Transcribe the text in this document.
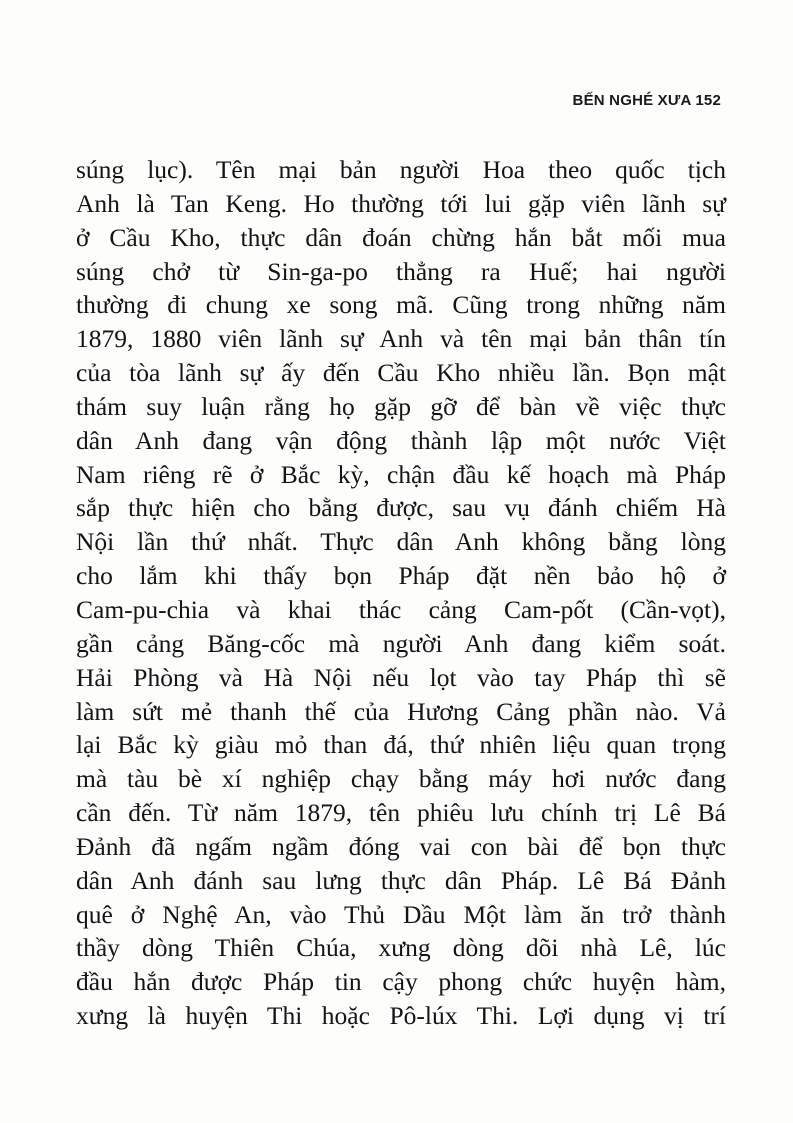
BẾN NGHÉ XƯA 152
súng lục). Tên mại bản người Hoa theo quốc tịch
Anh là Tan Keng. Ho thường tới lui gặp viên lãnh sự
ở Cầu Kho, thực dân đoán chừng hắn bắt mối mua
súng chở từ Sin-ga-po thẳng ra Huế; hai người
thường đi chung xe song mã. Cũng trong những năm
1879, 1880 viên lãnh sự Anh và tên mại bản thân tín
của tòa lãnh sự ấy đến Cầu Kho nhiều lần. Bọn mật
thám suy luận rằng họ gặp gỡ để bàn về việc thực
dân Anh đang vận động thành lập một nước Việt
Nam riêng rẽ ở Bắc kỳ, chận đầu kế hoạch mà Pháp
sắp thực hiện cho bằng được, sau vụ đánh chiếm Hà
Nội lần thứ nhất. Thực dân Anh không bằng lòng
cho lắm khi thấy bọn Pháp đặt nền bảo hộ ở
Cam-pu-chia và khai thác cảng Cam-pốt (Cần-vọt),
gần cảng Băng-cốc mà người Anh đang kiểm soát.
Hải Phòng và Hà Nội nếu lọt vào tay Pháp thì sẽ
làm sứt mẻ thanh thế của Hương Cảng phần nào. Vả
lại Bắc kỳ giàu mỏ than đá, thứ nhiên liệu quan trọng
mà tàu bè xí nghiệp chạy bằng máy hơi nước đang
cần đến. Từ năm 1879, tên phiêu lưu chính trị Lê Bá
Đảnh đã ngấm ngầm đóng vai con bài để bọn thực
dân Anh đánh sau lưng thực dân Pháp. Lê Bá Đảnh
quê ở Nghệ An, vào Thủ Dầu Một làm ăn trở thành
thầy dòng Thiên Chúa, xưng dòng dõi nhà Lê, lúc
đầu hắn được Pháp tin cậy phong chức huyện hàm,
xưng là huyện Thi hoặc Pô-lúx Thi. Lợi dụng vị trí
